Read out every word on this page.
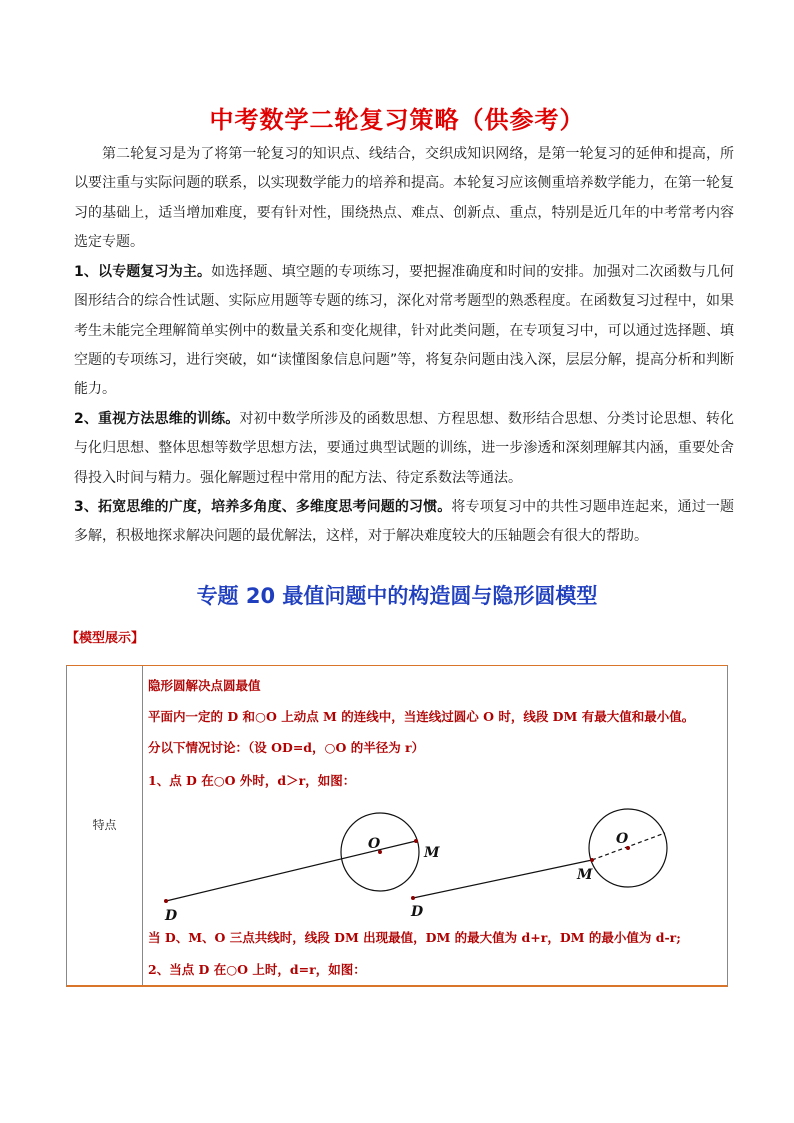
中考数学二轮复习策略（供参考）
第二轮复习是为了将第一轮复习的知识点、线结合，交织成知识网络，是第一轮复习的延伸和提高，所以要注重与实际问题的联系，以实现数学能力的培养和提高。本轮复习应该侧重培养数学能力，在第一轮复习的基础上，适当增加难度，要有针对性，围绕热点、难点、创新点、重点，特别是近几年的中考常考内容选定专题。
1、以专题复习为主。如选择题、填空题的专项练习，要把握准确度和时间的安排。加强对二次函数与几何图形结合的综合性试题、实际应用题等专题的练习，深化对常考题型的熟悉程度。在函数复习过程中，如果考生未能完全理解简单实例中的数量关系和变化规律，针对此类问题，在专项复习中，可以通过选择题、填空题的专项练习，进行突破，如“读懂图象信息问题”等，将复杂问题由浅入深，层层分解，提高分析和判断能力。
2、重视方法思维的训练。对初中数学所涉及的函数思想、方程思想、数形结合思想、分类讨论思想、转化与化归思想、整体思想等数学思想方法，要通过典型试题的训练，进一步渗透和深刻理解其内涵，重要处舍得投入时间与精力。强化解题过程中常用的配方法、待定系数法等通法。
3、拓宽思维的广度，培养多角度、多维度思考问题的习惯。将专项复习中的共性习题串连起来，通过一题多解，积极地探求解决问题的最优解法，这样，对于解决难度较大的压轴题会有很大的帮助。
专题 20 最值问题中的构造圆与隐形圆模型
【模型展示】
特点
隐形圆解决点圆最值
平面内一定的 D 和○O 上动点 M 的连线中，当连线过圆心 O 时，线段 DM 有最大值和最小值。
分以下情况讨论：（设 OD=d，○O 的半径为 r）
1、点 D 在○O 外时，d＞r，如图：
O
M
D
O
M
D
当 D、M、O 三点共线时，线段 DM 出现最值，DM 的最大值为 d+r，DM 的最小值为 d-r;
2、当点 D 在○O 上时，d=r，如图：
